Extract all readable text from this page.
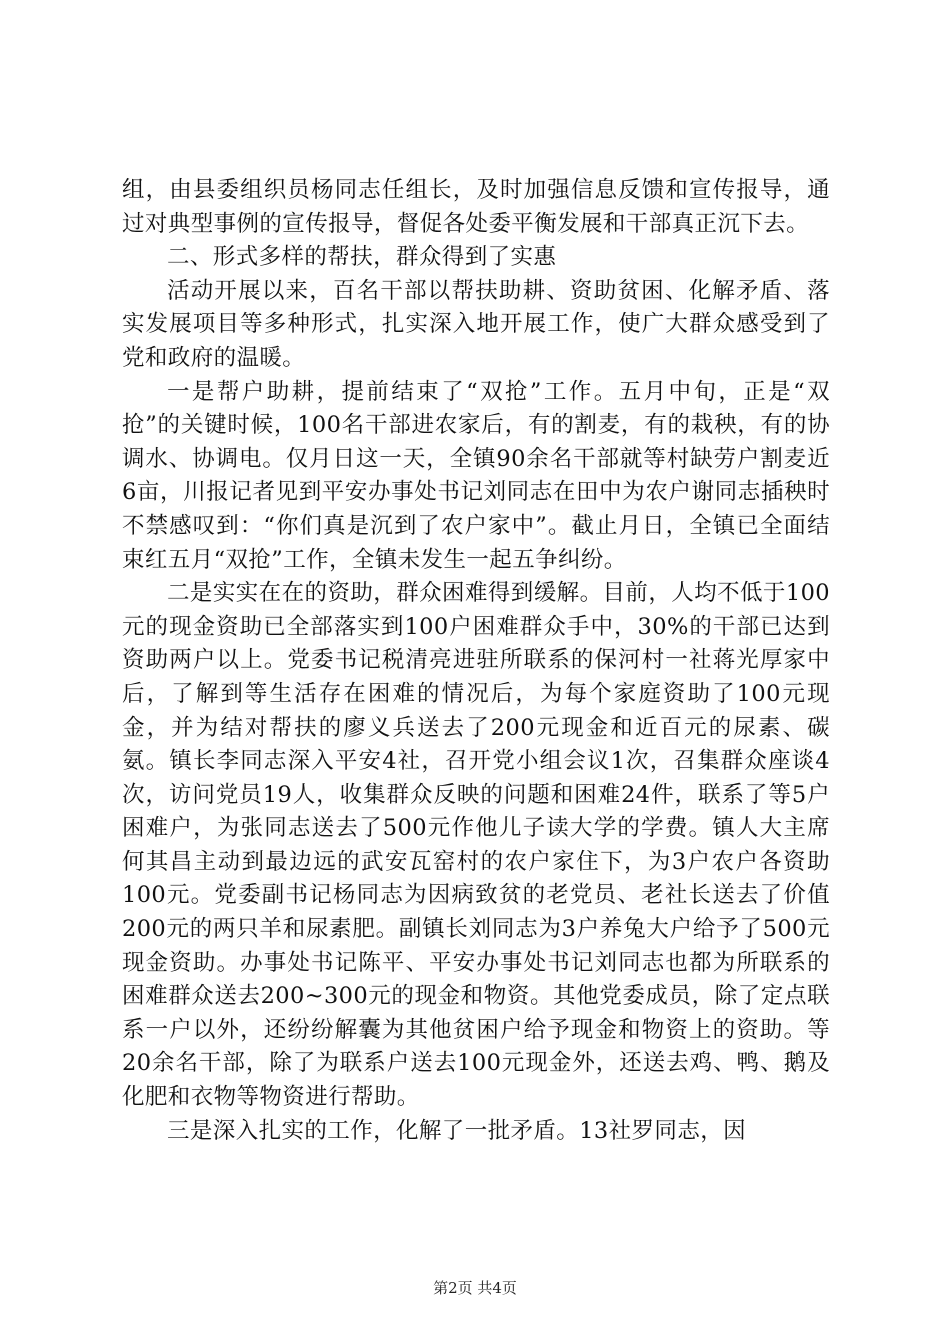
组，由县委组织员杨同志任组长，及时加强信息反馈和宣传报导，通过对典型事例的宣传报导，督促各处委平衡发展和干部真正沉下去。

二、形式多样的帮扶，群众得到了实惠

活动开展以来，百名干部以帮扶助耕、资助贫困、化解矛盾、落实发展项目等多种形式，扎实深入地开展工作，使广大群众感受到了党和政府的温暖。

一是帮户助耕，提前结束了“双抢”工作。五月中旬，正是“双抢”的关键时候，100名干部进农家后，有的割麦，有的栽秧，有的协调水、协调电。仅月日这一天，全镇90余名干部就等村缺劳户割麦近6亩，川报记者见到平安办事处书记刘同志在田中为农户谢同志插秧时不禁感叹到：“你们真是沉到了农户家中”。截止月日，全镇已全面结束红五月“双抢”工作，全镇未发生一起五争纠纷。

二是实实在在的资助，群众困难得到缓解。目前，人均不低于100元的现金资助已全部落实到100户困难群众手中，30%的干部已达到资助两户以上。党委书记税清亮进驻所联系的保河村一社蒋光厚家中后，了解到等生活存在困难的情况后，为每个家庭资助了100元现金，并为结对帮扶的廖义兵送去了200元现金和近百元的尿素、碳氨。镇长李同志深入平安4社，召开党小组会议1次，召集群众座谈4次，访问党员19人，收集群众反映的问题和困难24件，联系了等5户困难户，为张同志送去了500元作他儿子读大学的学费。镇人大主席何其昌主动到最边远的武安瓦窑村的农户家住下，为3户农户各资助100元。党委副书记杨同志为因病致贫的老党员、老社长送去了价值200元的两只羊和尿素肥。副镇长刘同志为3户养兔大户给予了500元现金资助。办事处书记陈平、平安办事处书记刘同志也都为所联系的困难群众送去200~300元的现金和物资。其他党委成员，除了定点联系一户以外，还纷纷解囊为其他贫困户给予现金和物资上的资助。等20余名干部，除了为联系户送去100元现金外，还送去鸡、鸭、鹅及化肥和衣物等物资进行帮助。

三是深入扎实的工作，化解了一批矛盾。13社罗同志，因

第2页 共4页
